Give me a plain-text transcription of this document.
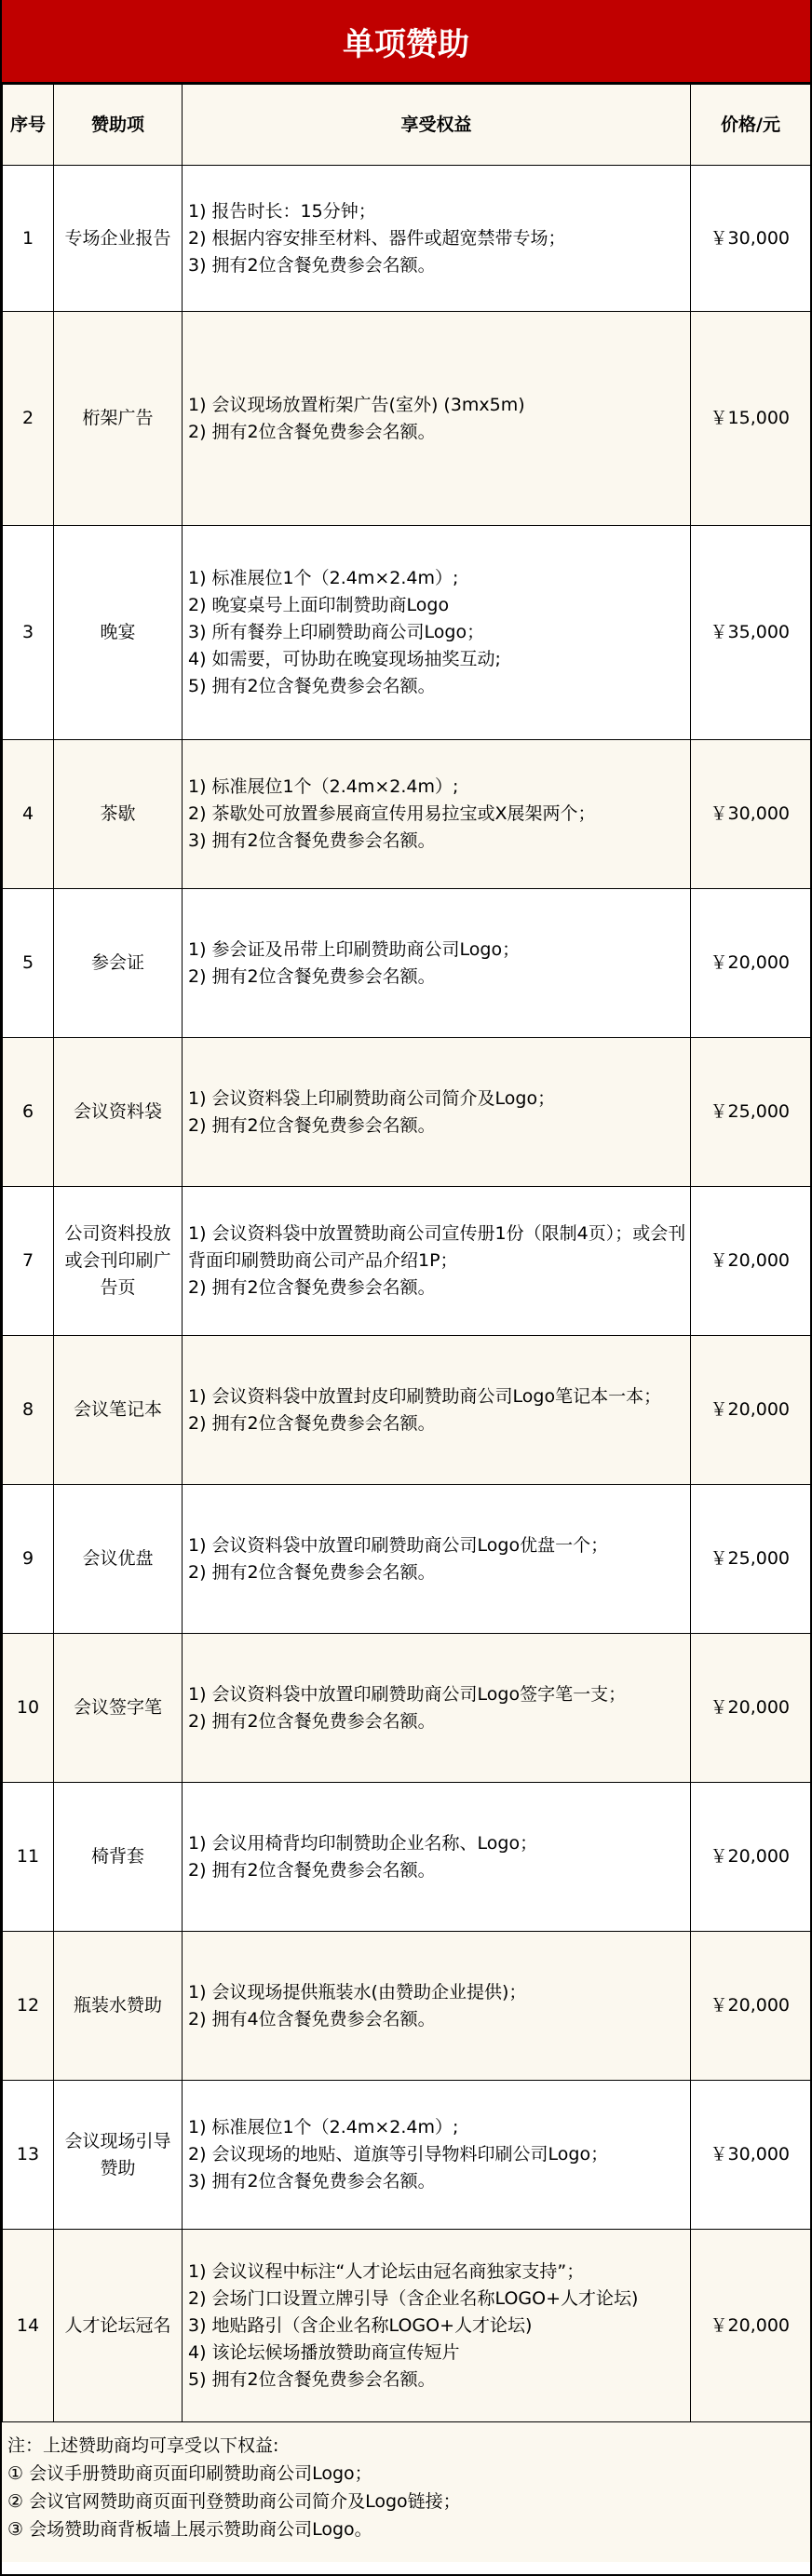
单项赞助
序号	赞助项	享受权益	价格/元
1	专场企业报告	1) 报告时长：15分钟；
2) 根据内容安排至材料、器件或超宽禁带专场；
3) 拥有2位含餐免费参会名额。	￥30,000
2	桁架广告	1) 会议现场放置桁架广告(室外) (3mx5m)
2) 拥有2位含餐免费参会名额。	￥15,000
3	晚宴	1) 标准展位1个（2.4m×2.4m）;
2) 晚宴桌号上面印制赞助商Logo
3) 所有餐券上印刷赞助商公司Logo；
4) 如需要，可协助在晚宴现场抽奖互动;
5) 拥有2位含餐免费参会名额。	￥35,000
4	茶歇	1) 标准展位1个（2.4m×2.4m）;
2) 茶歇处可放置参展商宣传用易拉宝或X展架两个；
3) 拥有2位含餐免费参会名额。	￥30,000
5	参会证	1) 参会证及吊带上印刷赞助商公司Logo；
2) 拥有2位含餐免费参会名额。	￥20,000
6	会议资料袋	1) 会议资料袋上印刷赞助商公司简介及Logo；
2) 拥有2位含餐免费参会名额。	￥25,000
7	公司资料投放或会刊印刷广告页	1) 会议资料袋中放置赞助商公司宣传册1份（限制4页）；或会刊背面印刷赞助商公司产品介绍1P；
2) 拥有2位含餐免费参会名额。	￥20,000
8	会议笔记本	1) 会议资料袋中放置封皮印刷赞助商公司Logo笔记本一本；
2) 拥有2位含餐免费参会名额。	￥20,000
9	会议优盘	1) 会议资料袋中放置印刷赞助商公司Logo优盘一个；
2) 拥有2位含餐免费参会名额。	￥25,000
10	会议签字笔	1) 会议资料袋中放置印刷赞助商公司Logo签字笔一支；
2) 拥有2位含餐免费参会名额。	￥20,000
11	椅背套	1) 会议用椅背均印制赞助企业名称、Logo；
2) 拥有2位含餐免费参会名额。	￥20,000
12	瓶装水赞助	1) 会议现场提供瓶装水(由赞助企业提供)；
2) 拥有4位含餐免费参会名额。	￥20,000
13	会议现场引导赞助	1) 标准展位1个（2.4m×2.4m）;
2) 会议现场的地贴、道旗等引导物料印刷公司Logo；
3) 拥有2位含餐免费参会名额。	￥30,000
14	人才论坛冠名	1) 会议议程中标注“人才论坛由冠名商独家支持”；
2) 会场门口设置立牌引导（含企业名称LOGO+人才论坛)
3) 地贴路引（含企业名称LOGO+人才论坛)
4) 该论坛候场播放赞助商宣传短片
5) 拥有2位含餐免费参会名额。	￥20,000
注：上述赞助商均可享受以下权益:
① 会议手册赞助商页面印刷赞助商公司Logo；
② 会议官网赞助商页面刊登赞助商公司简介及Logo链接；
③ 会场赞助商背板墙上展示赞助商公司Logo。
